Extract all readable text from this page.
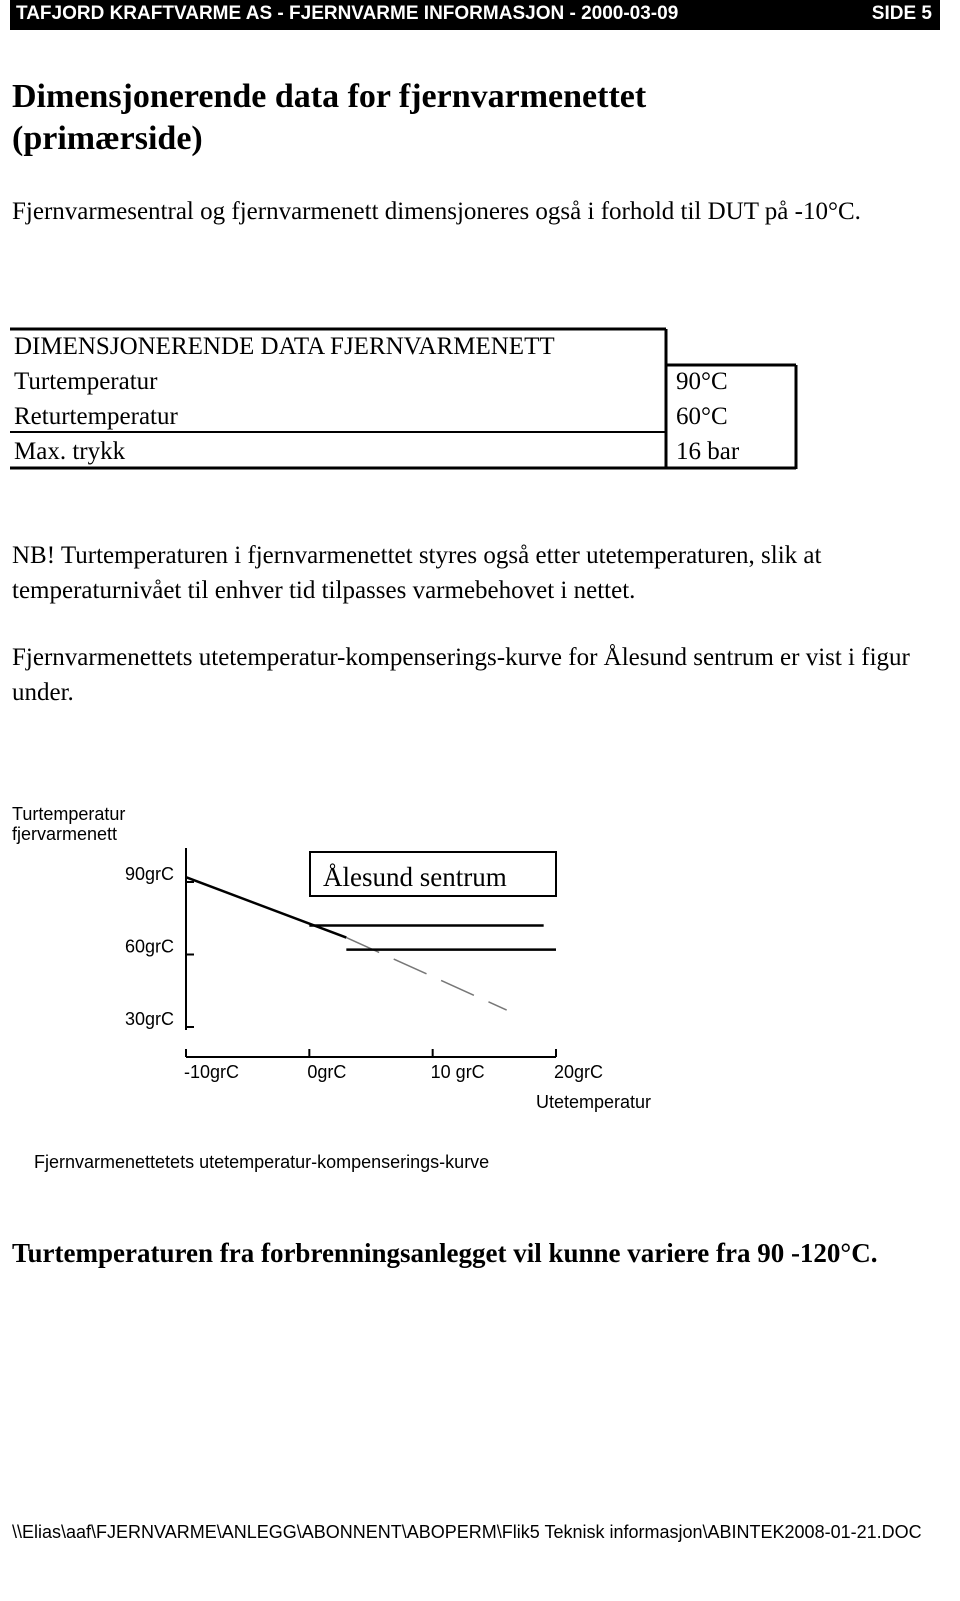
TAFJORD KRAFTVARME AS - FJERNVARME INFORMASJON - 2000-03-09	SIDE 5
Dimensjonerende data for fjernvarmenettet (primærside)
Fjernvarmesentral og fjernvarmenett dimensjoneres også i forhold til DUT på -10°C.
DIMENSJONERENDE DATA FJERNVARMENETT
Turtemperatur	90°C
Returtemperatur	60°C
Max. trykk	16 bar
NB! Turtemperaturen i fjernvarmenettet styres også etter utetemperaturen, slik at temperaturnivået til enhver tid tilpasses varmebehovet i nettet.
Fjernvarmenettets utetemperatur-kompenserings-kurve for Ålesund sentrum er vist i figur under.
90grC
60grC
30grC
-10grC	0grC	10 grC	20grC
Turtemperatur
fjervarmenett
Ålesund sentrum
Utetemperatur
Fjernvarmenettetets utetemperatur-kompenserings-kurve
Turtemperaturen fra forbrenningsanlegget vil kunne variere fra 90 -120°C.
\\Elias\aaf\FJERNVARME\ANLEGG\ABONNENT\ABOPERM\Flik5 Teknisk informasjon\ABINTEK2008-01-21.DOC
